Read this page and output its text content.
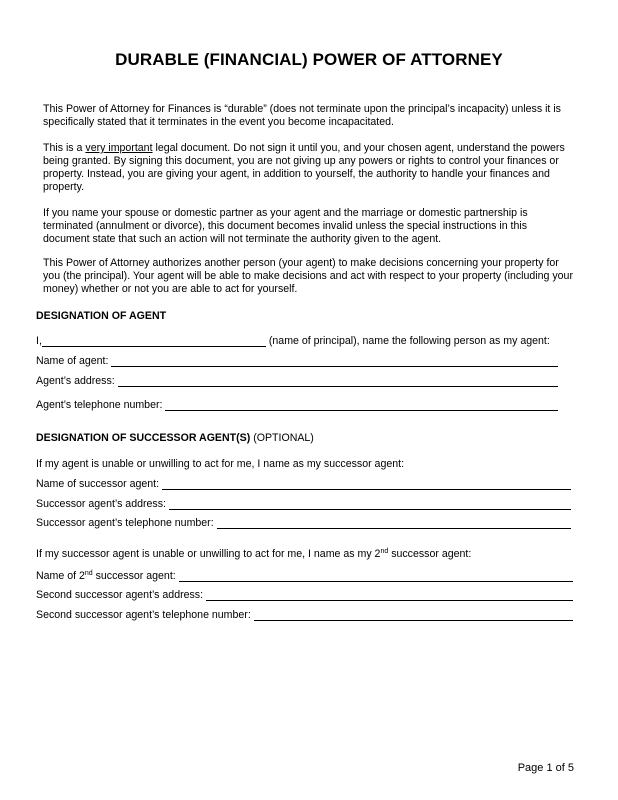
DURABLE (FINANCIAL) POWER OF ATTORNEY

This Power of Attorney for Finances is “durable” (does not terminate upon the principal’s incapacity) unless it is specifically stated that it terminates in the event you become incapacitated.

This is a very important legal document. Do not sign it until you, and your chosen agent, understand the powers being granted. By signing this document, you are not giving up any powers or rights to control your finances or property. Instead, you are giving your agent, in addition to yourself, the authority to handle your finances and property.

If you name your spouse or domestic partner as your agent and the marriage or domestic partnership is terminated (annulment or divorce), this document becomes invalid unless the special instructions in this document state that such an action will not terminate the authority given to the agent.

This Power of Attorney authorizes another person (your agent) to make decisions concerning your property for you (the principal). Your agent will be able to make decisions and act with respect to your property (including your money) whether or not you are able to act for yourself.

DESIGNATION OF AGENT
I,	(name of principal), name the following person as my agent:
Name of agent:
Agent’s address:
Agent’s telephone number:
DESIGNATION OF SUCCESSOR AGENT(S) (OPTIONAL)
If my agent is unable or unwilling to act for me, I name as my successor agent:
Name of successor agent:
Successor agent’s address:
Successor agent’s telephone number:
If my successor agent is unable or unwilling to act for me, I name as my 2nd successor agent:
Name of 2nd successor agent:
Second successor agent’s address:
Second successor agent’s telephone number:
Page 1 of 5
